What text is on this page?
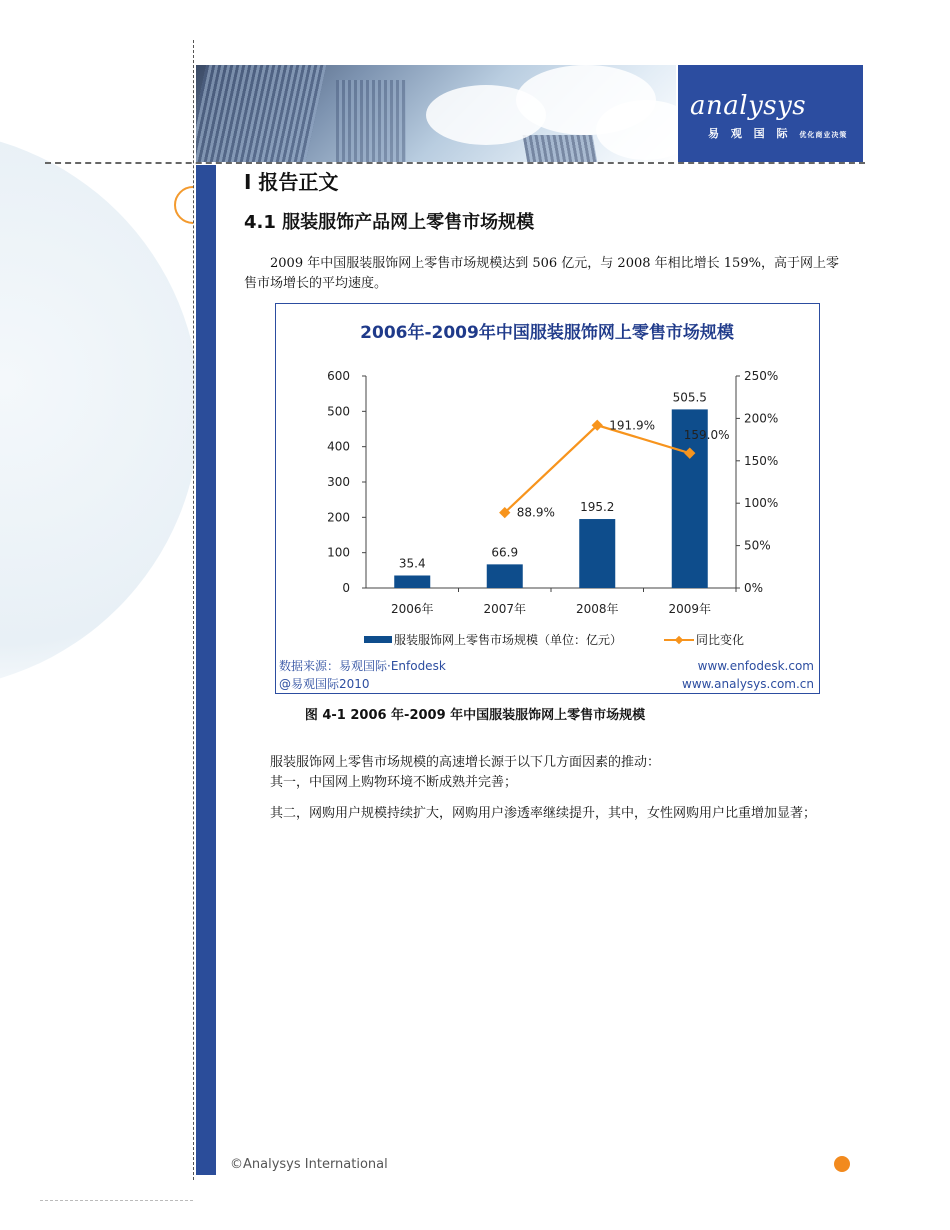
analysys
易 观 国 际 优化商业决策
I 报告正文
4.1 服装服饰产品网上零售市场规模
2009 年中国服装服饰网上零售市场规模达到 506 亿元，与 2008 年相比增长 159%，高于网上零售市场增长的平均速度。
2006年-2009年中国服装服饰网上零售市场规模
数据来源：易观国际·Enfodesk
@易观国际2010
www.enfodesk.com
www.analysys.com.cn
0
100
200
300
400
500
600
0%
50%
100%
150%
200%
250%
2006年	2007年	2008年	2009年
35.4
66.9
195.2
505.5
88.9%
191.9%
159.0%
服装服饰网上零售市场规模（单位：亿元）	同比变化
图 4-1 2006 年-2009 年中国服装服饰网上零售市场规模
服装服饰网上零售市场规模的高速增长源于以下几方面因素的推动：
其一，中国网上购物环境不断成熟并完善；
其二，网购用户规模持续扩大，网购用户渗透率继续提升，其中，女性网购用户比重增加显著；
©Analysys International
